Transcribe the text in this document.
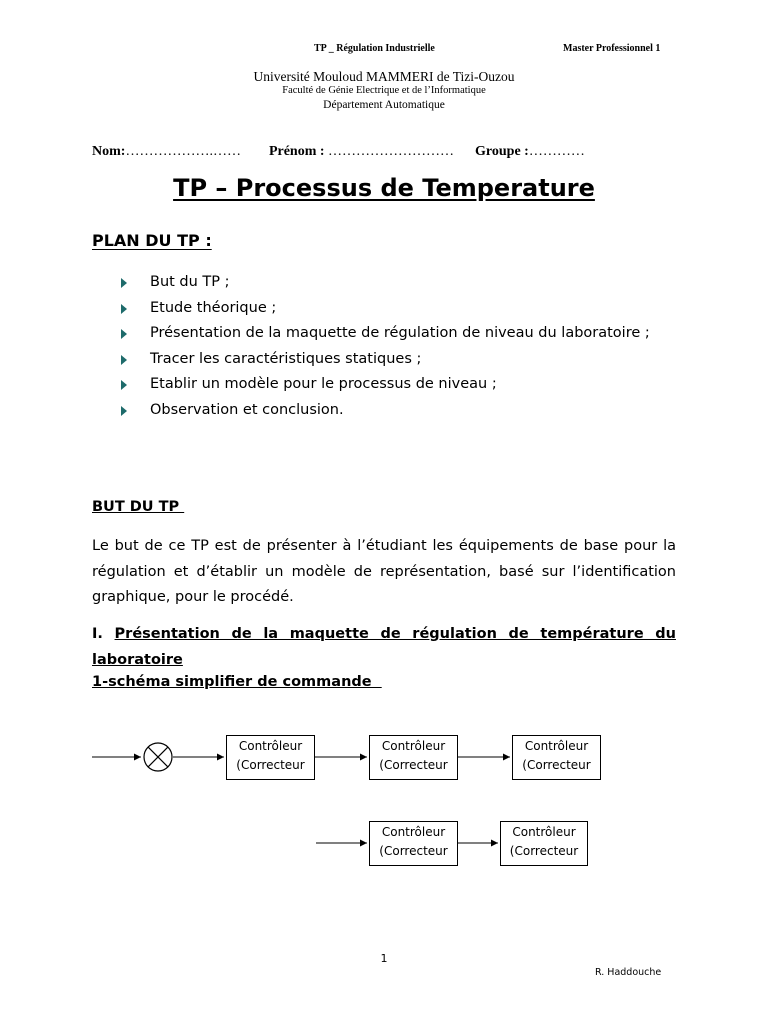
TP _ Régulation Industrielle	Master Professionnel 1
Université Mouloud MAMMERI de Tizi-Ouzou
Faculté de Génie Electrique et de l’Informatique
Département Automatique
Nom:……………….…… Prénom : ……………………… Groupe :…………
TP – Processus de Temperature
PLAN DU TP :
But du TP ;
Etude théorique ;
Présentation de la maquette de régulation de niveau du laboratoire ;
Tracer les caractéristiques statiques ;
Etablir un modèle pour le processus de niveau ;
Observation et conclusion.
BUT DU TP

Le but de ce TP est de présenter à l’étudiant les équipements de base pour la régulation et d’établir un modèle de représentation, basé sur l’identification graphique, pour le procédé.

I. Présentation de la maquette de régulation de température du laboratoire

1-schéma simplifier de commande
Contrôleur
(Correcteur
Contrôleur
(Correcteur
Contrôleur
(Correcteur
Contrôleur
(Correcteur
Contrôleur
(Correcteur
1
R. Haddouche
